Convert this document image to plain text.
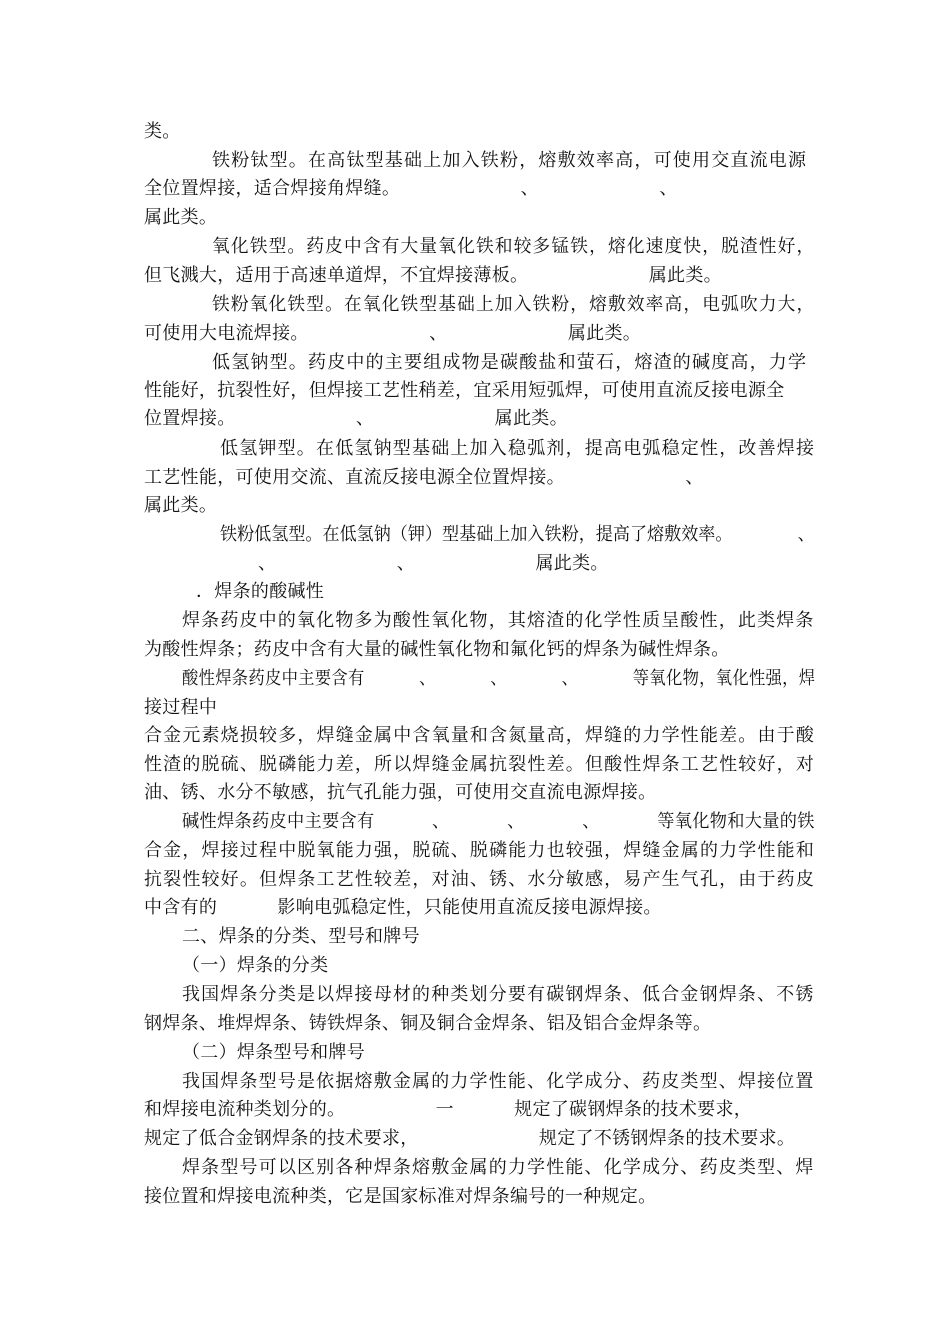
类。
铁粉钛型。在高钛型基础上加入铁粉，熔敷效率高，可使用交直流电源
全位置焊接，适合焊接角焊缝。                    、                    、
属此类。
氧化铁型。药皮中含有大量氧化铁和较多锰铁，熔化速度快，脱渣性好，
但飞溅大，适用于高速单道焊，不宜焊接薄板。                    属此类。
铁粉氧化铁型。在氧化铁型基础上加入铁粉，熔敷效率高，电弧吹力大，
可使用大电流焊接。                    、                    属此类。
低氢钠型。药皮中的主要组成物是碳酸盐和萤石，熔渣的碱度高，力学
性能好，抗裂性好，但焊接工艺性稍差，宜采用短弧焊，可使用直流反接电源全
位置焊接。                    、                    属此类。
低氢钾型。在低氢钠型基础上加入稳弧剂，提高电弧稳定性，改善焊接
工艺性能，可使用交流、直流反接电源全位置焊接。                    、
属此类。
铁粉低氢型。在低氢钠（钾）型基础上加入铁粉，提高了熔敷效率。            、
、                    、                    属此类。
．焊条的酸碱性
焊条药皮中的氧化物多为酸性氧化物，其熔渣的化学性质呈酸性，此类焊条
为酸性焊条；药皮中含有大量的碱性氧化物和氟化钙的焊条为碱性焊条。
酸性焊条药皮中主要含有          、          、          、          等氧化物，氧化性强，焊
接过程中
合金元素烧损较多，焊缝金属中含氧量和含氮量高，焊缝的力学性能差。由于酸
性渣的脱硫、脱磷能力差，所以焊缝金属抗裂性差。但酸性焊条工艺性较好，对
油、锈、水分不敏感，抗气孔能力强，可使用交直流电源焊接。
碱性焊条药皮中主要含有          、          、          、          等氧化物和大量的铁
合金，焊接过程中脱氧能力强，脱硫、脱磷能力也较强，焊缝金属的力学性能和
抗裂性较好。但焊条工艺性较差，对油、锈、水分敏感，易产生气孔，由于药皮
中含有的          影响电弧稳定性，只能使用直流反接电源焊接。
二、焊条的分类、型号和牌号
（一）焊条的分类
我国焊条分类是以焊接母材的种类划分要有碳钢焊条、低合金钢焊条、不锈
钢焊条、堆焊焊条、铸铁焊条、铜及铜合金焊条、铝及铝合金焊条等。
（二）焊条型号和牌号
我国焊条型号是依据熔敷金属的力学性能、化学成分、药皮类型、焊接位置
和焊接电流种类划分的。               一          规定了碳钢焊条的技术要求，
规定了低合金钢焊条的技术要求，                    规定了不锈钢焊条的技术要求。
焊条型号可以区别各种焊条熔敷金属的力学性能、化学成分、药皮类型、焊
接位置和焊接电流种类，它是国家标准对焊条编号的一种规定。
